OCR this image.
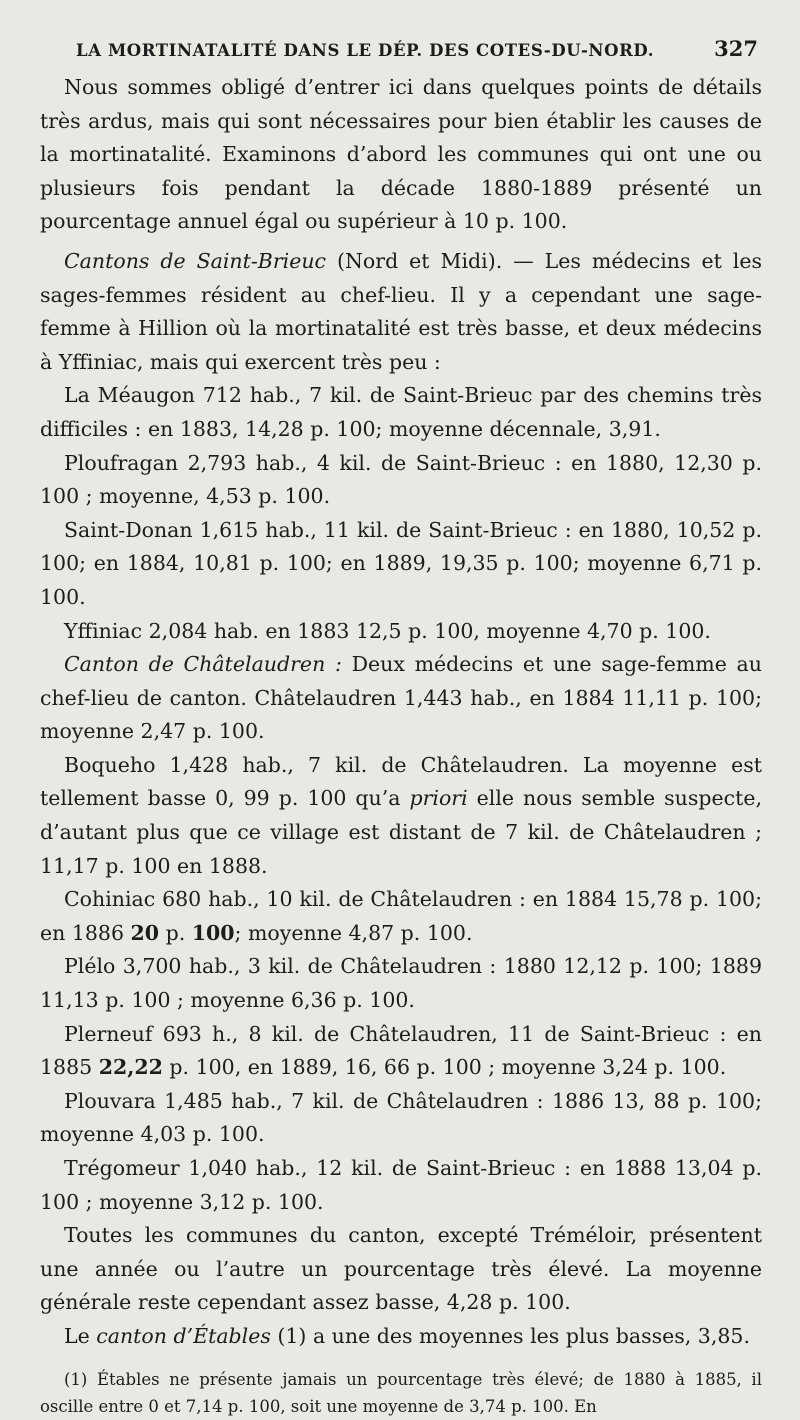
LA MORTINATALITÉ DANS LE DÉP. DES COTES-DU-NORD.	327

Nous sommes obligé d’entrer ici dans quelques points de détails très ardus, mais qui sont nécessaires pour bien établir les causes de la mortinatalité. Examinons d’abord les communes qui ont une ou plusieurs fois pendant la décade 1880-1889 présenté un pourcentage annuel égal ou supérieur à 10 p. 100.

Cantons de Saint-Brieuc (Nord et Midi). — Les médecins et les sages-femmes résident au chef-lieu. Il y a cependant une sage-femme à Hillion où la mortinatalité est très basse, et deux médecins à Yffiniac, mais qui exercent très peu :

La Méaugon 712 hab., 7 kil. de Saint-Brieuc par des chemins très difficiles : en 1883, 14,28 p. 100; moyenne décennale, 3,91.

Ploufragan 2,793 hab., 4 kil. de Saint-Brieuc : en 1880, 12,30 p. 100 ; moyenne, 4,53 p. 100.

Saint-Donan 1,615 hab., 11 kil. de Saint-Brieuc : en 1880, 10,52 p. 100; en 1884, 10,81 p. 100; en 1889, 19,35 p. 100; moyenne 6,71 p. 100.

Yffiniac 2,084 hab. en 1883 12,5 p. 100, moyenne 4,70 p. 100.

Canton de Châtelaudren : Deux médecins et une sage-femme au chef-lieu de canton. Châtelaudren 1,443 hab., en 1884 11,11 p. 100; moyenne 2,47 p. 100.

Boqueho 1,428 hab., 7 kil. de Châtelaudren. La moyenne est tellement basse 0, 99 p. 100 qu’a priori elle nous semble suspecte, d’autant plus que ce village est distant de 7 kil. de Châtelaudren ; 11,17 p. 100 en 1888.

Cohiniac 680 hab., 10 kil. de Châtelaudren : en 1884 15,78 p. 100; en 1886 20 p. 100; moyenne 4,87 p. 100.

Plélo 3,700 hab., 3 kil. de Châtelaudren : 1880 12,12 p. 100; 1889 11,13 p. 100 ; moyenne 6,36 p. 100.

Plerneuf 693 h., 8 kil. de Châtelaudren, 11 de Saint-Brieuc : en 1885 22,22 p. 100, en 1889, 16, 66 p. 100 ; moyenne 3,24 p. 100.

Plouvara 1,485 hab., 7 kil. de Châtelaudren : 1886 13, 88 p. 100; moyenne 4,03 p. 100.

Trégomeur 1,040 hab., 12 kil. de Saint-Brieuc : en 1888 13,04 p. 100 ; moyenne 3,12 p. 100.

Toutes les communes du canton, excepté Tréméloir, présentent une année ou l’autre un pourcentage très élevé. La moyenne générale reste cependant assez basse, 4,28 p. 100.

Le canton d’Étables (1) a une des moyennes les plus basses, 3,85.

(1) Étables ne présente jamais un pourcentage très élevé; de 1880 à 1885, il oscille entre 0 et 7,14 p. 100, soit une moyenne de 3,74 p. 100. En
